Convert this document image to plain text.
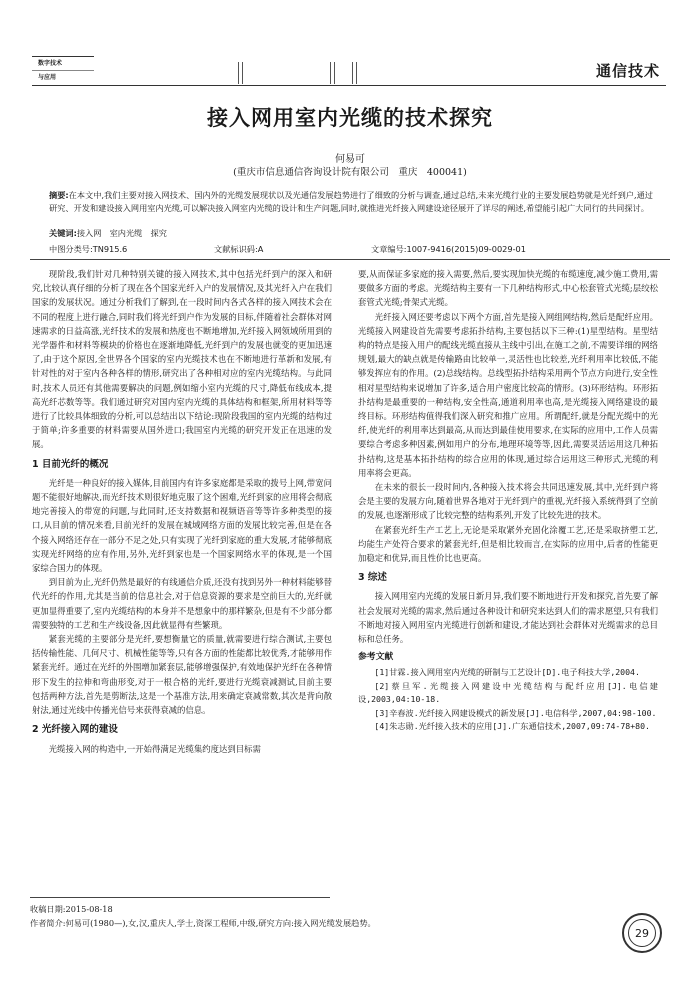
数字技术
与应用	通信技术
接入网用室内光缆的技术探究
何易可
(重庆市信息通信咨询设计院有限公司　重庆　400041)
摘要:在本文中,我们主要对接入网技术、国内外的光缆发展现状以及光通信发展趋势进行了细致的分析与调查,通过总结,未来光缆行业的主要发展趋势就是光纤到户,通过研究、开发和建设接入网用室内光缆,可以解决接入网室内光缆的设计和生产问题,同时,就推进光纤接入网建设途径展开了详尽的阐述,希望能引起广大同行的共同探讨。
关键词:接入网　室内光缆　探究
中图分类号:TN915.6	文献标识码:A	文章编号:1007-9416(2015)09-0029-01

现阶段,我们针对几种特别关键的接入网技术,其中包括光纤到户的深入和研究,比较认真仔细的分析了现在各个国家光纤入户的发展情况,及其光纤入户在我们国家的发展状况。通过分析我们了解到,在一段时间内各式各样的接入网技术会在不同的程度上进行融合,同时我们将光纤到户作为发展的目标,伴随着社会群体对网速需求的日益高涨,光纤技术的发展和热度也不断地增加,光纤接入网领域所用到的光学器件和材料等模块的价格也在逐渐地降低,光纤到户的发展也就变的更加迅速了,由于这个原因,全世界各个国家的室内光缆技术也在不断地进行革新和发展,有针对性的对于室内各种各样的情形,研究出了各种相对应的室内光缆结构。与此同时,技术人员还有其他需要解决的问题,例如缩小室内光缆的尺寸,降低布线成本,提高光纤芯数等等。我们通过研究对国内室内光缆的具体结构和框架,所用材料等等进行了比较具体细致的分析,可以总结出以下结论:现阶段我国的室内光缆的结构过于简单;许多重要的材料需要从国外进口;我国室内光缆的研究开发正在迅速的发展。

1 目前光纤的概况

光纤是一种良好的接入媒体,目前国内有许多家庭都是采取的拨号上网,带宽问题不能很好地解决,而光纤技术则很好地克服了这个困难,光纤到家的应用将会彻底地完善接入的带宽的问题,与此同时,还支持数据和视频语音等等许多种类型的接口,从目前的情况来看,目前光纤的发展在城域网络方面的发展比较完善,但是在各个接入网络还存在一部分不足之处,只有实现了光纤到家庭的重大发展,才能够彻底实现光纤网络的应有作用,另外,光纤到家也是一个国家网络水平的体现,是一个国家综合国力的体现。

到目前为止,光纤仍然是最好的有线通信介质,还没有找到另外一种材料能够替代光纤的作用,尤其是当前的信息社会,对于信息资源的要求是空前巨大的,光纤就更加显得重要了,室内光缆结构的本身并不是想象中的那样繁杂,但是有不少部分都需要独特的工艺和生产线设备,因此就显得有些繁琐。

紧套光缆的主要部分是光纤,要想衡量它的质量,就需要进行综合测试,主要包括传输性能、几何尺寸、机械性能等等,只有各方面的性能都比较优秀,才能够用作紧套光纤。通过在光纤的外围增加紧套层,能够增强保护,有效地保护光纤在各种情形下发生的拉伸和弯曲形变,对于一根合格的光纤,要进行光缆衰减测试,目前主要包括两种方法,首先是剪断法,这是一个基准方法,用来确定衰减常数,其次是背向散射法,通过光线中传播光信号来获得衰减的信息。

2 光纤接入网的建设

光缆接入网的构造中,一开始得满足光缆集约度达到目标需

要,从而保证多家庭的接入需要,然后,要实现加快光缆的布缆速度,减少施工费用,需要做多方面的考虑。光缆结构主要有一下几种结构形式,中心松套管式光缆;层绞松套管式光缆;骨架式光缆。

光纤接入网还要考虑以下两个方面,首先是接入网组网结构,然后是配纤应用。光缆接入网建设首先需要考虑拓扑结构,主要包括以下三种:(1)星型结构。星型结构的特点是接入用户的配线光缆直接从主线中引出,在施工之前,不需要详细的网络规划,最大的缺点就是传输路由比较单一,灵活性也比较差,光纤利用率比较低,不能够发挥应有的作用。(2)总线结构。总线型拓扑结构采用两个节点方向进行,安全性相对星型结构来说增加了许多,适合用户密度比较高的情形。(3)环形结构。环形拓扑结构是最重要的一种结构,安全性高,通道利用率也高,是光缆接入网络建设的最终目标。环形结构值得我们深入研究和推广应用。所谓配纤,就是分配光缆中的光纤,使光纤的利用率达到最高,从而达到最佳使用要求,在实际的应用中,工作人员需要综合考虑多种因素,例如用户的分布,地理环境等等,因此,需要灵活运用这几种拓扑结构,这是基本拓扑结构的综合应用的体现,通过综合运用这三种形式,光缆的利用率将会更高。

在未来的很长一段时间内,各种接入技术将会共同迅速发展,其中,光纤到户将会是主要的发展方向,随着世界各地对于光纤到户的重视,光纤接入系统得到了空前的发展,也逐渐形成了比较完整的结构系列,开发了比较先进的技术。

在紧套光纤生产工艺上,无论是采取紧外充固化涂覆工艺,还是采取挤塑工艺,均能生产处符合要求的紧套光纤,但是相比较而言,在实际的应用中,后者的性能更加稳定和优异,而且性价比也更高。

3 综述

接入网用室内光缆的发展日新月异,我们要不断地进行开发和探究,首先要了解社会发展对光缆的需求,然后通过各种设计和研究来达到人们的需求愿望,只有我们不断地对接入网用室内光缆进行创新和建设,才能达到社会群体对光缆需求的总目标和总任务。

参考文献

[1]甘霖.接入网用室内光缆的研制与工艺设计[D].电子科技大学,2004.

[2]蔡旦军.光缆接入网建设中光缆结构与配纤应用[J].电信建设,2003,04:10-18.

[3]辛春波.光纤接入网建设模式的新发展[J].电信科学,2007,04:98-100.

[4]朱志勋.光纤接入技术的应用[J].广东通信技术,2007,09:74-78+80.

收稿日期:2015-08-18
作者简介:何易可(1980—),女,汉,重庆人,学士,资深工程师,中级,研究方向:接入网光缆发展趋势。
29
